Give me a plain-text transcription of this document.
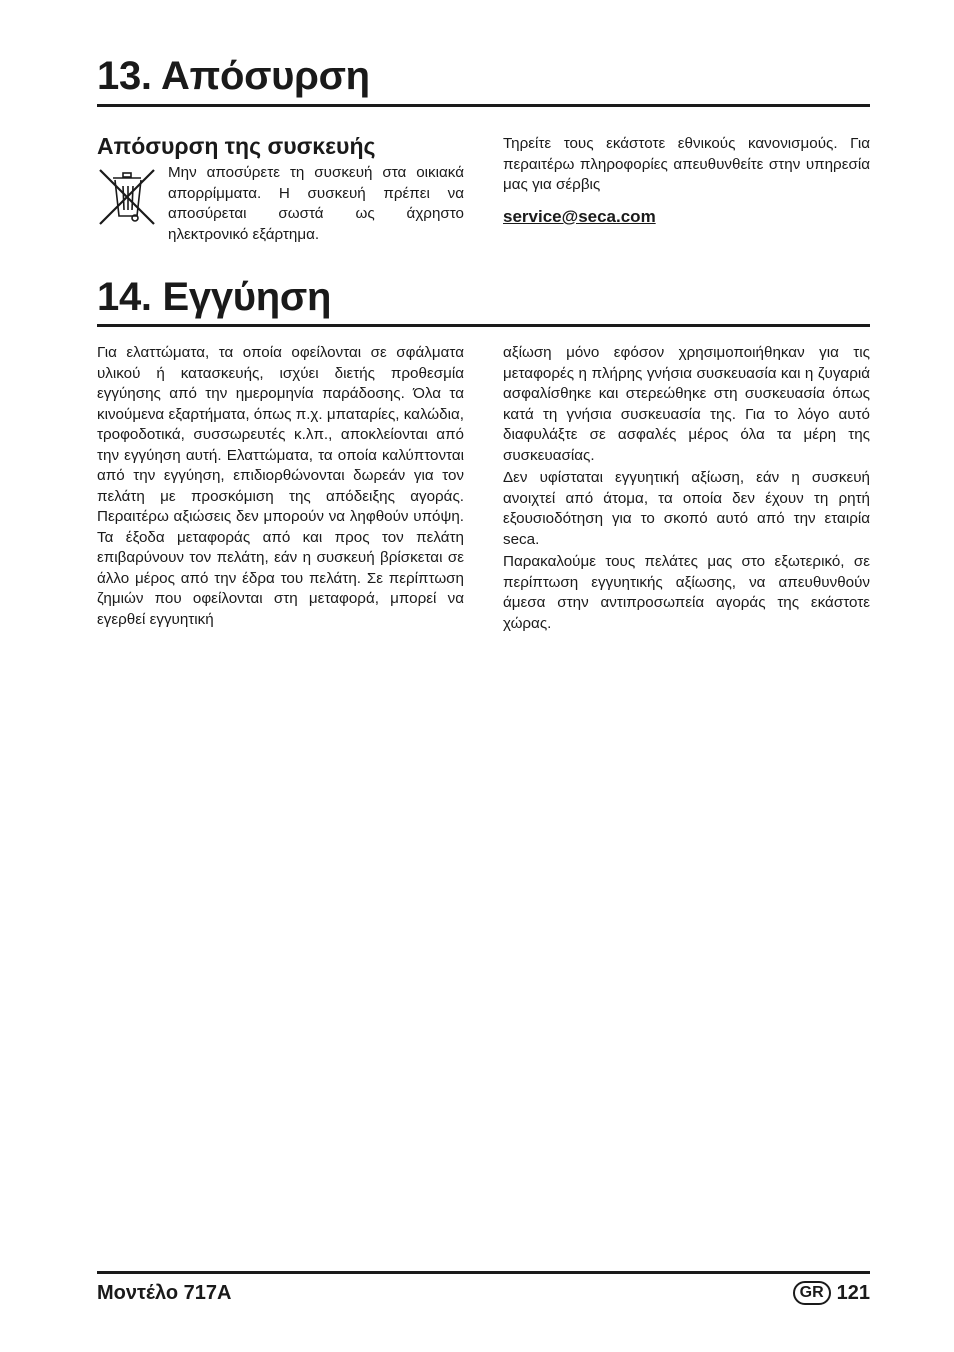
13. Απόσυρση
Απόσυρση της συσκευής

Μην αποσύρετε τη συσκευή στα οικιακά απορρίμματα. Η συσκευή πρέπει να αποσύρεται σωστά ως άχρηστο ηλεκτρονικό εξάρτημα.

Τηρείτε τους εκάστοτε εθνικούς κανονισμούς. Για περαιτέρω πληροφορίες απευθυνθείτε στην υπηρεσία μας για σέρβις

service@seca.com
14. Εγγύηση

Για ελαττώματα, τα οποία οφείλονται σε σφάλματα υλικού ή κατασκευής, ισχύει διετής προθεσμία εγγύησης από την ημερομηνία παράδοσης. Όλα τα κινούμενα εξαρτήματα, όπως π.χ. μπαταρίες, καλώδια, τροφοδοτικά, συσσωρευτές κ.λπ., αποκλείονται από την εγγύηση αυτή. Ελαττώματα, τα οποία καλύπτονται από την εγγύηση, επιδιορθώνονται δωρεάν για τον πελάτη με προσκόμιση της απόδειξης αγοράς. Περαιτέρω αξιώσεις δεν μπορούν να ληφθούν υπόψη. Τα έξοδα μεταφοράς από και προς τον πελάτη επιβαρύνουν τον πελάτη, εάν η συσκευή βρίσκεται σε άλλο μέρος από την έδρα του πελάτη. Σε περίπτωση ζημιών που οφείλονται στη μεταφορά, μπορεί να εγερθεί εγγυητική

αξίωση μόνο εφόσον χρησιμοποιήθηκαν για τις μεταφορές η πλήρης γνήσια συσκευασία και η ζυγαριά ασφαλίσθηκε και στερεώθηκε στη συσκευασία όπως κατά τη γνήσια συσκευασία της. Για το λόγο αυτό διαφυλάξτε σε ασφαλές μέρος όλα τα μέρη της συσκευασίας.

Δεν υφίσταται εγγυητική αξίωση, εάν η συσκευή ανοιχτεί από άτομα, τα οποία δεν έχουν τη ρητή εξουσιοδότηση για το σκοπό αυτό από την εταιρία seca.

Παρακαλούμε τους πελάτες μας στο εξωτερικό, σε περίπτωση εγγυητικής αξίωσης, να απευθυνθούν άμεσα στην αντιπροσωπεία αγοράς της εκάστοτε χώρας.

Μοντέλο 717A	GR 121
